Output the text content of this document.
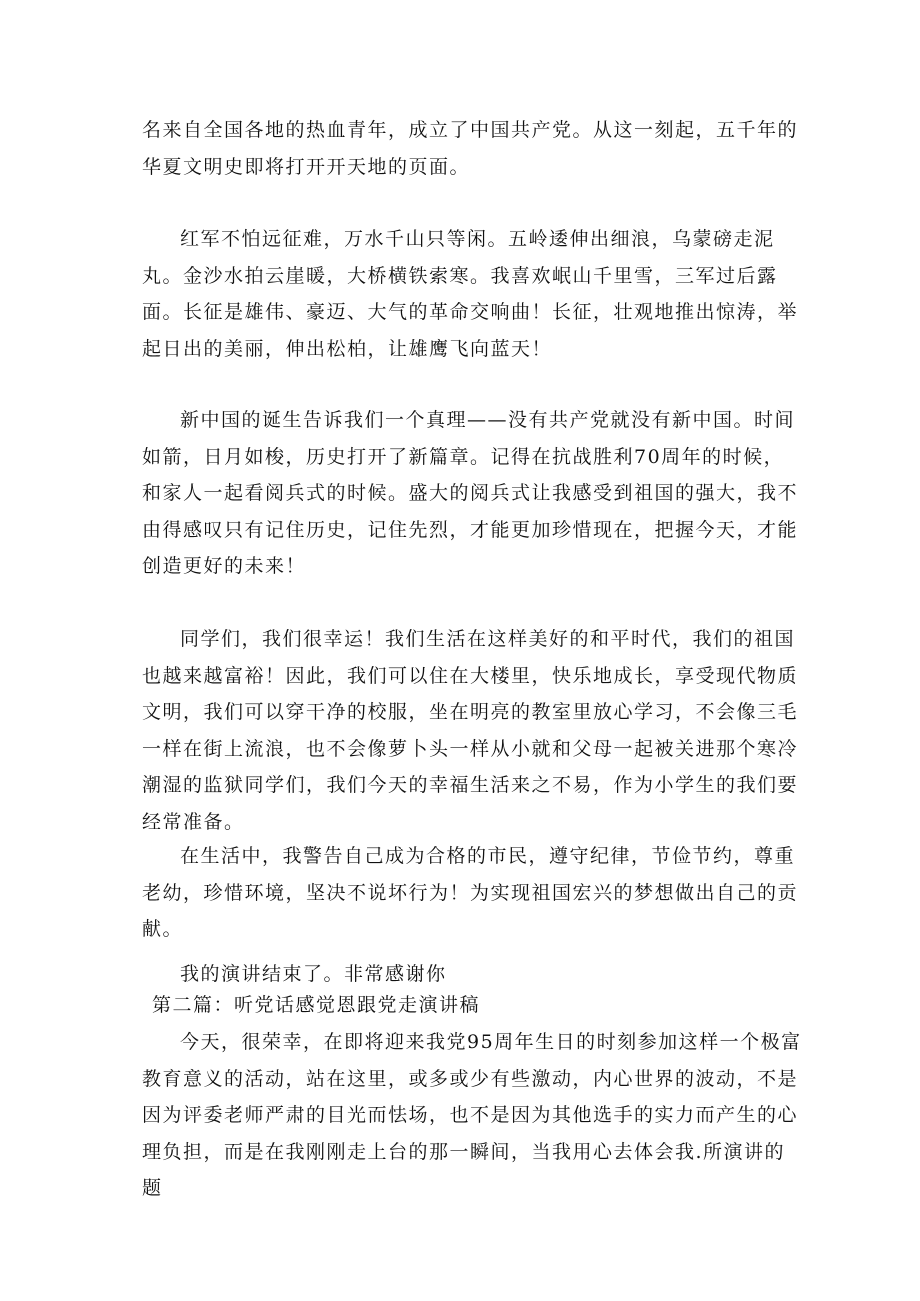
名来自全国各地的热血青年，成立了中国共产党。从这一刻起，五千年的华夏文明史即将打开开天地的页面。

红军不怕远征难，万水千山只等闲。五岭逶伸出细浪，乌蒙磅走泥丸。金沙水拍云崖暖，大桥横铁索寒。我喜欢岷山千里雪，三军过后露面。长征是雄伟、豪迈、大气的革命交响曲！长征，壮观地推出惊涛，举起日出的美丽，伸出松柏，让雄鹰飞向蓝天！

新中国的诞生告诉我们一个真理——没有共产党就没有新中国。时间如箭，日月如梭，历史打开了新篇章。记得在抗战胜利70周年的时候，和家人一起看阅兵式的时候。盛大的阅兵式让我感受到祖国的强大，我不由得感叹只有记住历史，记住先烈，才能更加珍惜现在，把握今天，才能创造更好的未来！

同学们，我们很幸运！我们生活在这样美好的和平时代，我们的祖国也越来越富裕！因此，我们可以住在大楼里，快乐地成长，享受现代物质文明，我们可以穿干净的校服，坐在明亮的教室里放心学习，不会像三毛一样在街上流浪，也不会像萝卜头一样从小就和父母一起被关进那个寒冷潮湿的监狱同学们，我们今天的幸福生活来之不易，作为小学生的我们要经常准备。

在生活中，我警告自己成为合格的市民，遵守纪律，节俭节约，尊重老幼，珍惜环境，坚决不说坏行为！为实现祖国宏兴的梦想做出自己的贡献。

我的演讲结束了。非常感谢你

第二篇：听党话感觉恩跟党走演讲稿

今天，很荣幸，在即将迎来我党95周年生日的时刻参加这样一个极富教育意义的活动，站在这里，或多或少有些激动，内心世界的波动，不是因为评委老师严肃的目光而怯场，也不是因为其他选手的实力而产生的心理负担，而是在我刚刚走上台的那一瞬间，当我用心去体会我.所演讲的题
